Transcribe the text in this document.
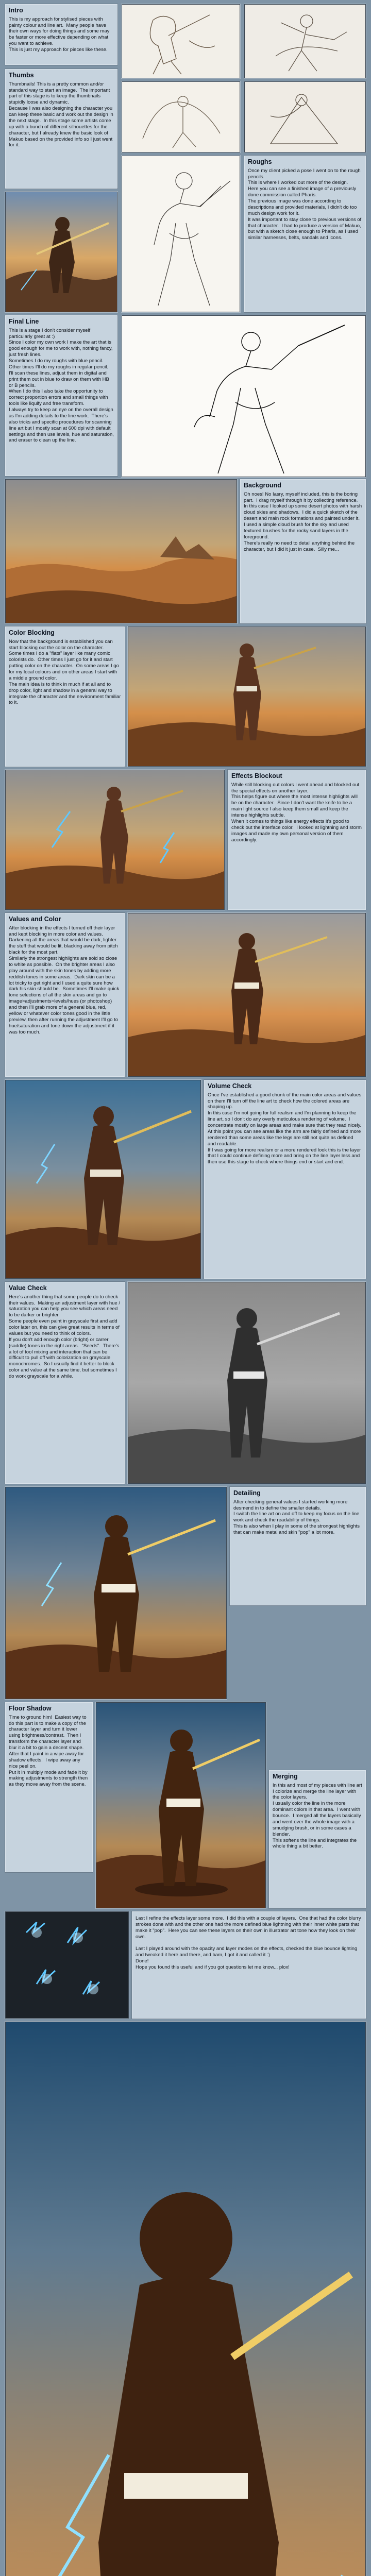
Intro

This is my approach for stylised pieces with painty colour and line art.  Many people have their own ways for doing things and some may be faster or more effective depending on what you want to achieve.
This is just my approach for pieces like these.

Thumbs

Thumbnails! This is a pretty common and/or standard way to start an image.  The important part of this stage is to keep the thumbnails stupidly loose and dynamic.
Because I was also designing the character you can keep these basic and work out the design in the next stage.  In this stage some artists come up with a bunch of different silhouettes for the character, but I already knew the basic look of Makuo based on the provided info so I just went for it.

Roughs

Once my client picked a pose I went on to the rough pencils.
This is where I worked out more of the design.
Here you can see a finished image of a previously done commission called Pharis.
The previous image was done according to descriptions and provided materials, I didn't do too much design work for it.
It was important to stay close to previous versions of that character.  I had to produce a version of Makuo, but with a sketch close enough to Pharis, as I used similar harnesses, belts, sandals and icons.

Final Line

This is a stage I don't consider myself particularly great at :)
Since I color my own work I make the art that is good enough for me to work with, nothing fancy, just fresh lines.
Sometimes I do my roughs with blue pencil.  Other times I'll do my roughs in regular pencil.  I'll scan these lines, adjust them in digital and print them out in blue to draw on them with HB or B pencils.
When I do this I also take the opportunity to correct proportion errors and small things with tools like liquify and free transform.
I always try to keep an eye on the overall design as I'm adding details to the line work.  There's also tricks and specific procedures for scanning line art but I mostly scan at 600 dpi with default settings and then use levels, hue and saturation, and eraser to clean up the line.

Background

Oh noes! No Iasry, myself included, this is the boring part.  I drag myself through it by collecting reference.  In this case I looked up some desert photos with harsh cloud skies and shadows.  I did a quick sketch of the desert and main rock formations and painted under it.  I used a simple cloud brush for the sky and used textured brushes for the rocky sand layers in the foreground.
There's really no need to detail anything behind the character, but I did it just in case.  Silly me...

Color Blocking

Now that the background is established you can start blocking out the color on the character.
Some times I do a "flats" layer like many comic colorists do.  Other times I just go for it and start putting color on the character.  On some areas I go for my local colours and on other areas I start with a middle ground color.
The main idea is to think in much if at all and to drop color, light and shadow in a general way to integrate the character and the environment familiar to it.

Effects Blockout

While still blocking out colors I went ahead and blocked out the special effects on another layer.
This helps figure out where the most intense highlights will be on the character.  Since I don't want the knife to be a main light source I also keep them small and keep the intense highlights subtle.
When it comes to things like energy effects it's good to check out the interface color.  I looked at lightning and storm images and made my own personal version of them accordingly.

Values and Color

After blocking in the effects I turned off their layer and kept blocking in more color and values.  Darkening all the areas that would be dark, lighter the stuff that would be lit, blacking away from pitch black for the most part.
Similarly the strongest highlights are sold so close to white as possible.  On the brighter areas I also play around with the skin tones by adding more reddish tones in some areas.  Dark skin can be a lot tricky to get right and I used a quite sure how dark his skin should be.  Sometimes I'll make quick tone selections of all the skin areas and go to image>adjustments>levels/hues (or photoshop) and then I'll grab more of a general blue, red, yellow or whatever color tones good in the little preview, then after running the adjustment I'll go to hue/saturation and tone down the adjustment if it was too much.

Volume Check

Once I've established a good chunk of the main color areas and values on them I'll turn off the line art to check how the colored areas are shaping up.
In this case I'm not going for full realism and I'm planning to keep the line art, so I don't do any overly meticulous rendering of volume.  I concentrate mostly on large areas and make sure that they read nicely.
At this point you can see areas like the arm are fairly defined and more rendered than some areas like the legs are still not quite as defined and readable.
If I was going for more realism or a more rendered look this is the layer that I could continue defining more and bring on the line layer less and then use this stage to check where things end or start and end.

Value Check

Here's another thing that some people do to check their values.  Making an adjustment layer with hue / saturation you can help you see which areas need to be darker or brighter.
Some people even paint in greyscale first and add color later on, this can give great results in terms of values but you need to think of colors.
If you don't add enough color (bright) or carrer (saddle) tones in the right areas.  "Seeds".  There's a lot of tool mixing and interaction that can be difficult to pull off with colorization on grayscale monochromes.  So I usually find it better to block color and value at the same time, but sometimes I do work grayscale for a while.

Detailing

After checking general values I started working more desmend in to define the smaller details.
I switch the line art on and off to keep my focus on the line work and check the readability of things.
This is also when I play in some of the strongest highlights that can make metal and skin "pop" a lot more.

Floor Shadow

Time to ground him!  Easiest way to do this part is to make a copy of the character layer and turn it lower using brightness/contrast.  Then I transform the character layer and blur it a bit to gain a decent shape.  After that I paint in a wipe away for shadow effects.  I wipe away any nice peel on.
Put it in multiply mode and fade it by making adjustments to strength then as they move away from the scene.

Merging

In this and most of my pieces with line art I colorize and merge the line layer with the color layers.
I usually color the line in the more dominant colors in that area.  I went with bounce.  I merged all the layers basically and went over the whole image with a smudging brush, or in some cases a blender.
This softens the line and integrates the whole thing a bit better.

Last I refine the effects layer some more.  I did this with a couple of layers.  One that had the color blurry strokes done with and the other one had the more defined blue lightning with their inner white parts that make it "pop".  Here you can see these layers on their own in illustrator art tone how they look on their own.

Last I played around with the opacity and layer modes on the effects, checked the blue bounce lighting and tweaked it here and there, and bam, I got it and called it :)
Done!
Hope you found this useful and if you got questions let me know... plox!
